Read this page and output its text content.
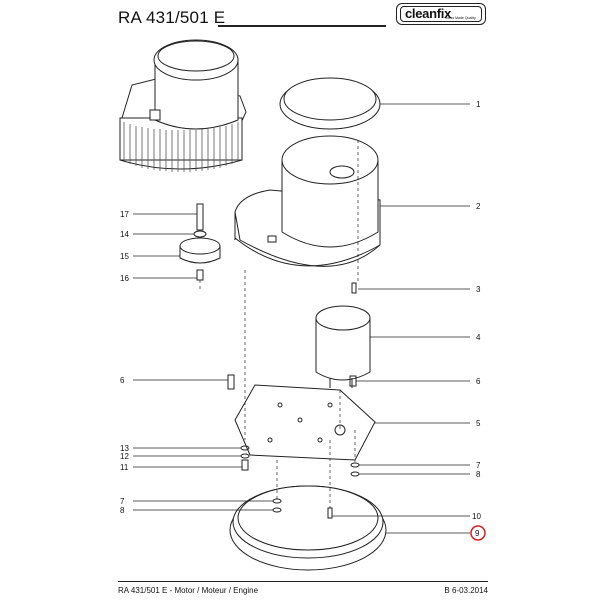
RA 431/501 E	cleanfix
Swiss Made Quality
1
2
3
4
5
6
7
8
9
10
17
14
15
16
6
13
12
11
7
8
RA 431/501 E - Motor / Moteur / Engine	B 6-03.2014
